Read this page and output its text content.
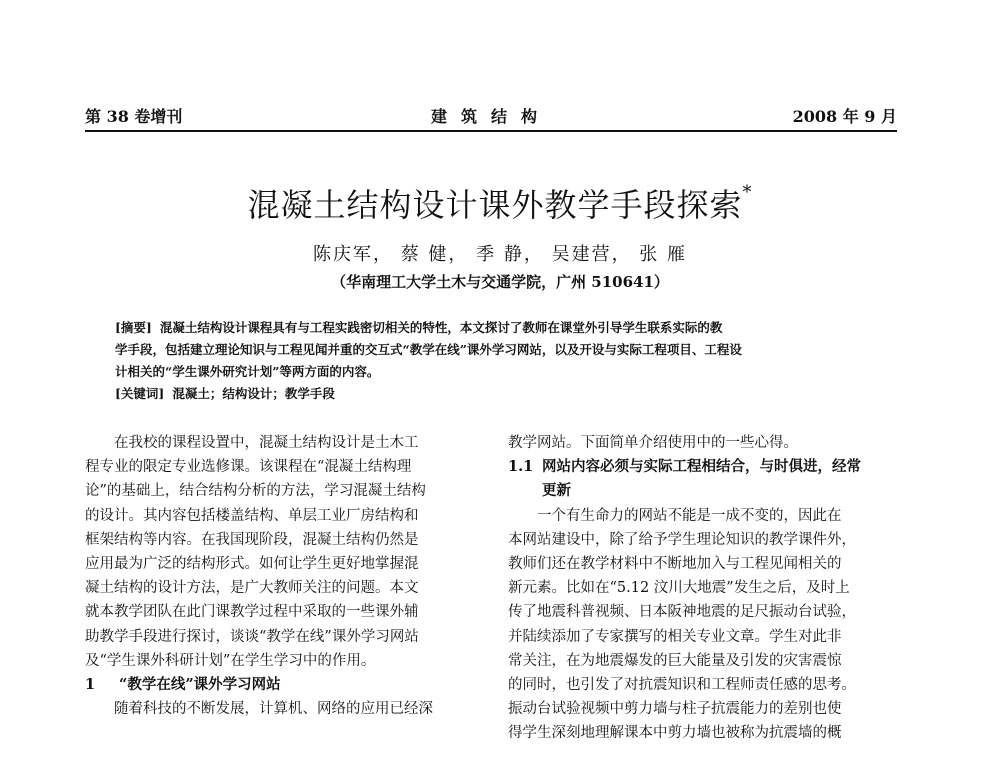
第 38 卷增刊	建筑结构	2008 年 9 月
混凝土结构设计课外教学手段探索*
陈庆军， 蔡 健， 季 静， 吴建营， 张 雁
（华南理工大学土木与交通学院，广州 510641）

[摘要] 混凝土结构设计课程具有与工程实践密切相关的特性，本文探讨了教师在课堂外引导学生联系实际的教

学手段，包括建立理论知识与工程见闻并重的交互式“教学在线”课外学习网站，以及开设与实际工程项目、工程设

计相关的“学生课外研究计划”等两方面的内容。

[关键词] 混凝土；结构设计；教学手段

在我校的课程设置中，混凝土结构设计是土木工

程专业的限定专业选修课。该课程在“混凝土结构理

论”的基础上，结合结构分析的方法，学习混凝土结构

的设计。其内容包括楼盖结构、单层工业厂房结构和

框架结构等内容。在我国现阶段，混凝土结构仍然是

应用最为广泛的结构形式。如何让学生更好地掌握混

凝土结构的设计方法，是广大教师关注的问题。本文

就本教学团队在此门课教学过程中采取的一些课外辅

助教学手段进行探讨，谈谈“教学在线”课外学习网站

及“学生课外科研计划”在学生学习中的作用。

1 “教学在线”课外学习网站

随着科技的不断发展，计算机、网络的应用已经深

教学网站。下面简单介绍使用中的一些心得。

1.1 网站内容必须与实际工程相结合，与时俱进，经常

更新

一个有生命力的网站不能是一成不变的，因此在

本网站建设中，除了给予学生理论知识的教学课件外，

教师们还在教学材料中不断地加入与工程见闻相关的

新元素。比如在“5.12 汶川大地震”发生之后，及时上

传了地震科普视频、日本阪神地震的足尺振动台试验，

并陆续添加了专家撰写的相关专业文章。学生对此非

常关注，在为地震爆发的巨大能量及引发的灾害震惊

的同时，也引发了对抗震知识和工程师责任感的思考。

振动台试验视频中剪力墙与柱子抗震能力的差别也使

得学生深刻地理解课本中剪力墙也被称为抗震墙的概
